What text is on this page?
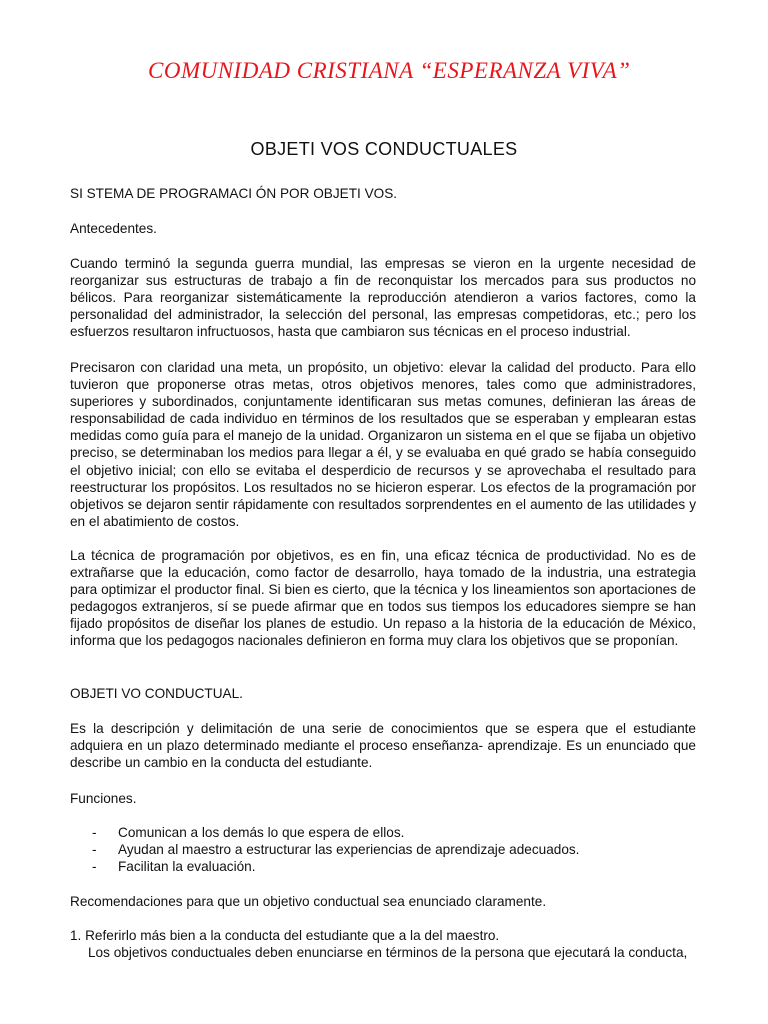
COMUNIDAD CRISTIANA “ESPERANZA VIVA”
OBJETI VOS CONDUCTUALES

SI STEMA DE PROGRAMACI ÓN POR OBJETI VOS.

Antecedentes.

Cuando terminó la segunda guerra mundial, las empresas se vieron en la urgente necesidad de reorganizar sus estructuras de trabajo a fin de reconquistar los mercados para sus productos no bélicos. Para reorganizar sistemáticamente la reproducción atendieron a varios factores, como la personalidad del administrador, la selección del personal, las empresas competidoras, etc.; pero los esfuerzos resultaron infructuosos, hasta que cambiaron sus técnicas en el proceso industrial.

Precisaron con claridad una meta, un propósito, un objetivo: elevar la calidad del producto. Para ello tuvieron que proponerse otras metas, otros objetivos menores, tales como que administradores, superiores y subordinados, conjuntamente identificaran sus metas comunes, definieran las áreas de responsabilidad de cada individuo en términos de los resultados que se esperaban y emplearan estas medidas como guía para el manejo de la unidad. Organizaron un sistema en el que se fijaba un objetivo preciso, se determinaban los medios para llegar a él, y se evaluaba en qué grado se había conseguido el objetivo inicial; con ello se evitaba el desperdicio de recursos y se aprovechaba el resultado para reestructurar los propósitos. Los resultados no se hicieron esperar. Los efectos de la programación por objetivos se dejaron sentir rápidamente con resultados sorprendentes en el aumento de las utilidades y en el abatimiento de costos.

La técnica de programación por objetivos, es en fin, una eficaz técnica de productividad. No es de extrañarse que la educación, como factor de desarrollo, haya tomado de la industria, una estrategia para optimizar el productor final. Si bien es cierto, que la técnica y los lineamientos son aportaciones de pedagogos extranjeros, sí se puede afirmar que en todos sus tiempos los educadores siempre se han fijado propósitos de diseñar los planes de estudio. Un repaso a la historia de la educación de México, informa que los pedagogos nacionales definieron en forma muy clara los objetivos que se proponían.

OBJETI VO CONDUCTUAL.

Es la descripción y delimitación de una serie de conocimientos que se espera que el estudiante adquiera en un plazo determinado mediante el proceso enseñanza- aprendizaje. Es un enunciado que describe un cambio en la conducta del estudiante.

Funciones.

- Comunican a los demás lo que espera de ellos.
- Ayudan al maestro a estructurar las experiencias de aprendizaje adecuados.
- Facilitan la evaluación.

Recomendaciones para que un objetivo conductual sea enunciado claramente.

1. Referirlo más bien a la conducta del estudiante que a la del maestro.
Los objetivos conductuales deben enunciarse en términos de la persona que ejecutará la conducta,
